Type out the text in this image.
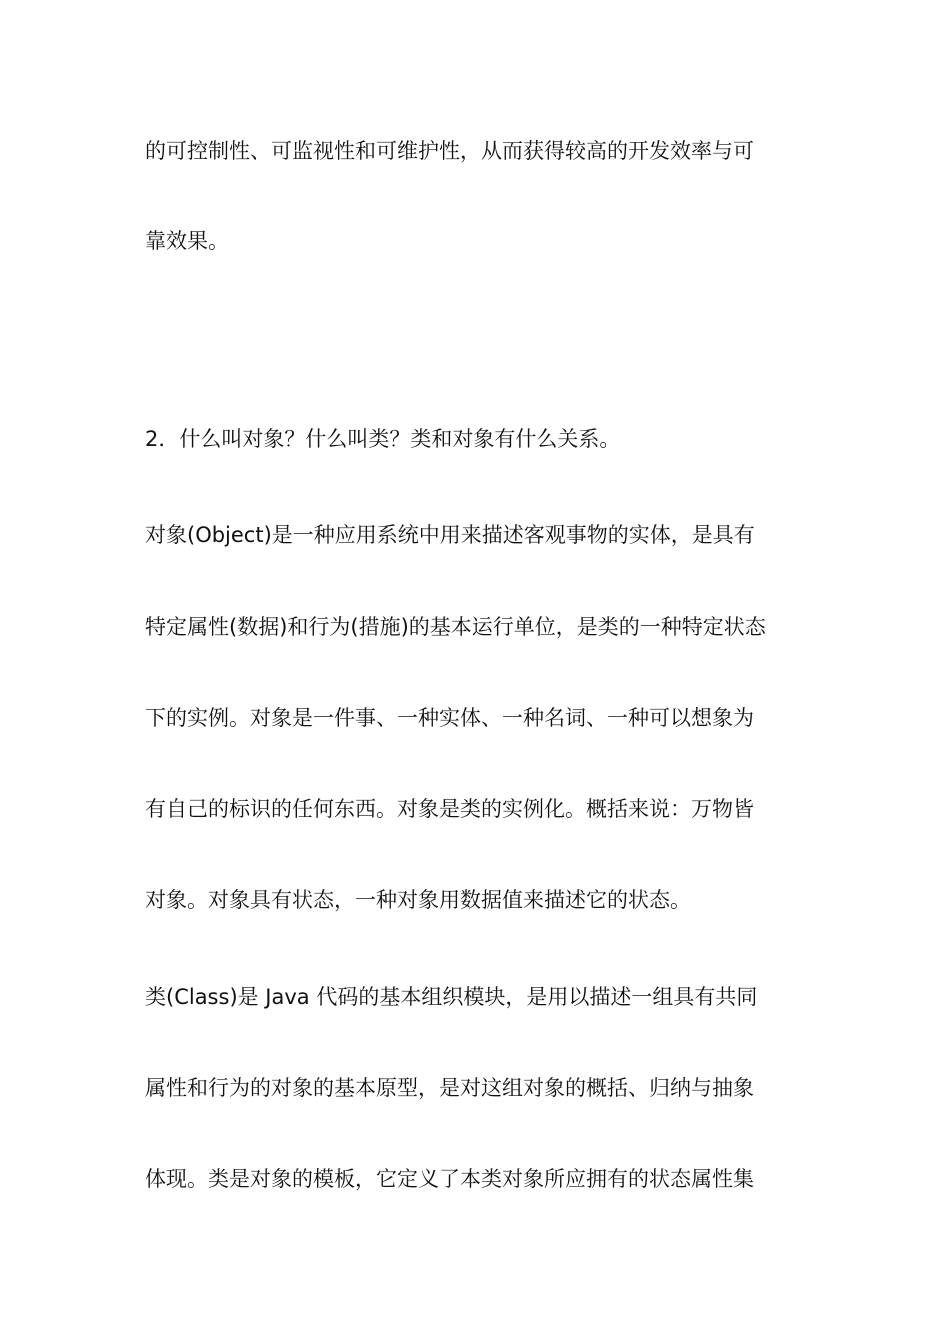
的可控制性、可监视性和可维护性，从而获得较高的开发效率与可
靠效果。
2．什么叫对象？什么叫类？类和对象有什么关系。
对象(Object)是一种应用系统中用来描述客观事物的实体，是具有
特定属性(数据)和行为(措施)的基本运行单位，是类的一种特定状态
下的实例。对象是一件事、一种实体、一种名词、一种可以想象为
有自己的标识的任何东西。对象是类的实例化。概括来说：万物皆
对象。对象具有状态，一种对象用数据值来描述它的状态。
类(Class)是 Java 代码的基本组织模块，是用以描述一组具有共同
属性和行为的对象的基本原型，是对这组对象的概括、归纳与抽象
体现。类是对象的模板，它定义了本类对象所应拥有的状态属性集
